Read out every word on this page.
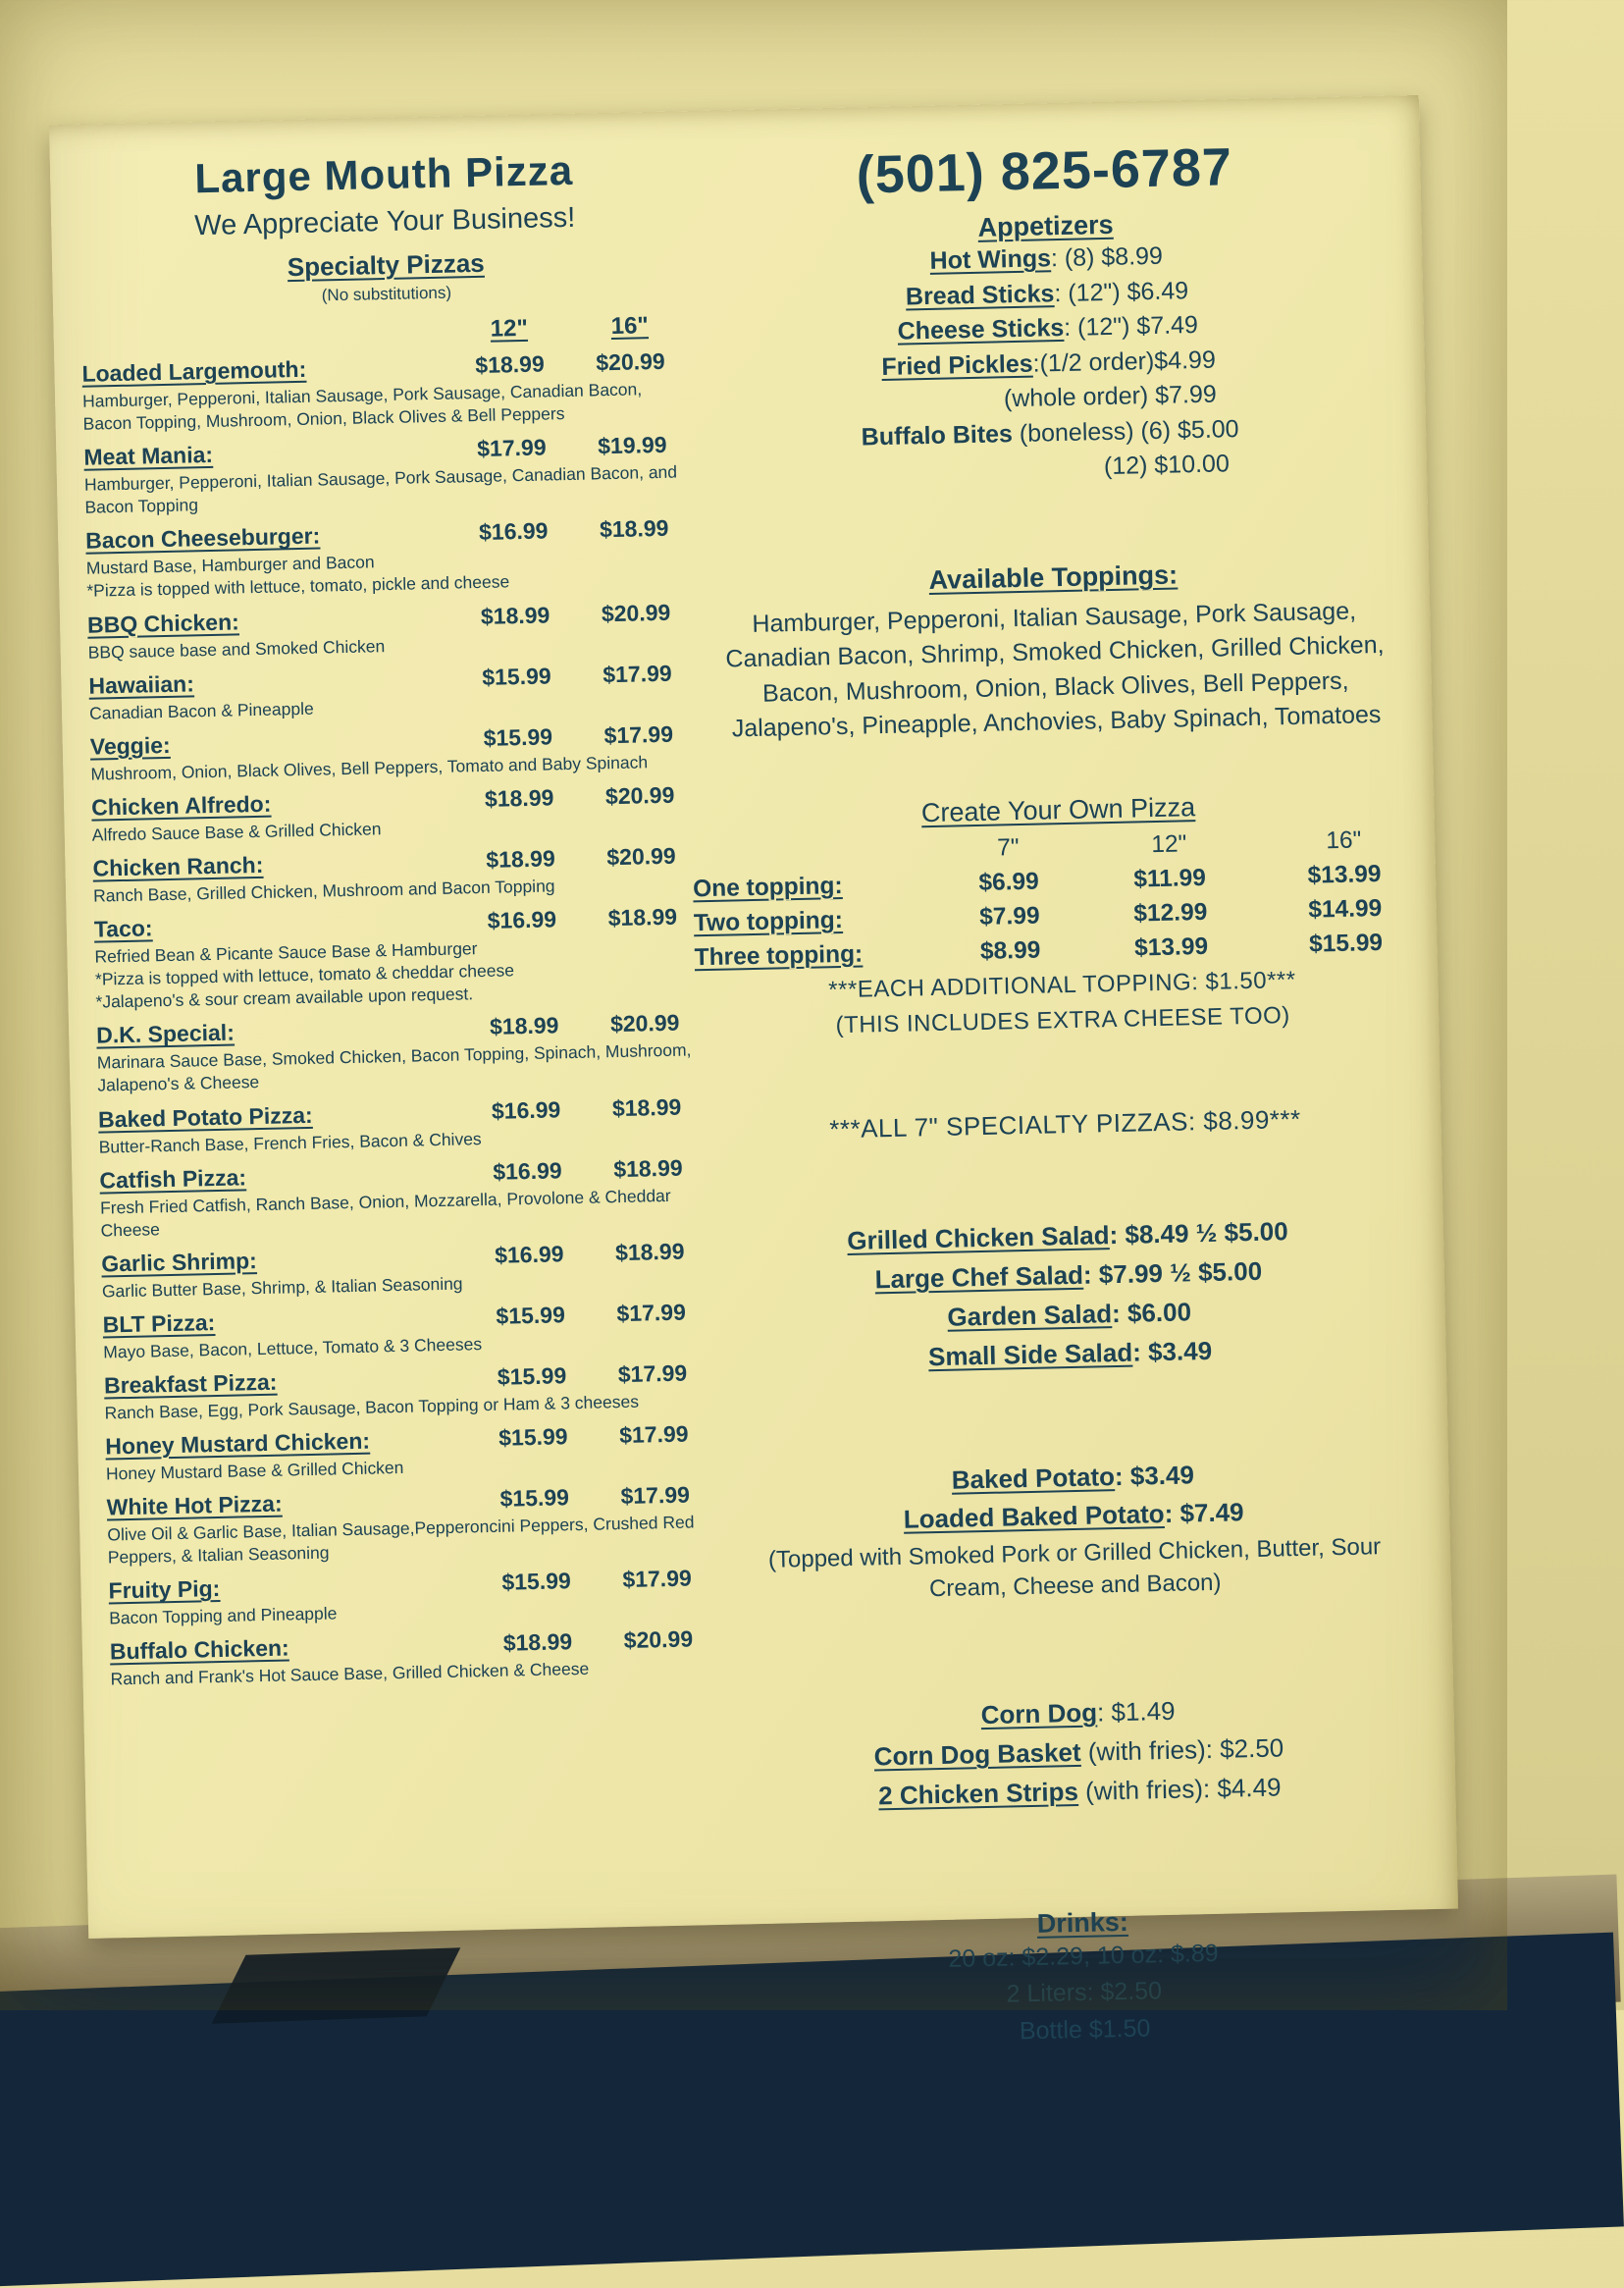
Large Mouth Pizza
We Appreciate Your Business!
Specialty Pizzas
(No substitutions)
12"	16"
Loaded Largemouth:	$18.99	$20.99
Hamburger, Pepperoni, Italian Sausage, Pork Sausage, Canadian Bacon, Bacon Topping, Mushroom, Onion, Black Olives & Bell Peppers
Meat Mania:	$17.99	$19.99
Hamburger, Pepperoni, Italian Sausage, Pork Sausage, Canadian Bacon, and Bacon Topping
Bacon Cheeseburger:	$16.99	$18.99
Mustard Base, Hamburger and Bacon
*Pizza is topped with lettuce, tomato, pickle and cheese
BBQ Chicken:	$18.99	$20.99
BBQ sauce base and Smoked Chicken
Hawaiian:	$15.99	$17.99
Canadian Bacon & Pineapple
Veggie:	$15.99	$17.99
Mushroom, Onion, Black Olives, Bell Peppers, Tomato and Baby Spinach
Chicken Alfredo:	$18.99	$20.99
Alfredo Sauce Base & Grilled Chicken
Chicken Ranch:	$18.99	$20.99
Ranch Base, Grilled Chicken, Mushroom and Bacon Topping
Taco:	$16.99	$18.99
Refried Bean & Picante Sauce Base & Hamburger
*Pizza is topped with lettuce, tomato & cheddar cheese
*Jalapeno's & sour cream available upon request.
D.K. Special:	$18.99	$20.99
Marinara Sauce Base, Smoked Chicken, Bacon Topping, Spinach, Mushroom, Jalapeno's & Cheese
Baked Potato Pizza:	$16.99	$18.99
Butter-Ranch Base, French Fries, Bacon & Chives
Catfish Pizza:	$16.99	$18.99
Fresh Fried Catfish, Ranch Base, Onion, Mozzarella, Provolone & Cheddar Cheese
Garlic Shrimp:	$16.99	$18.99
Garlic Butter Base, Shrimp, & Italian Seasoning
BLT Pizza:	$15.99	$17.99
Mayo Base, Bacon, Lettuce, Tomato & 3 Cheeses
Breakfast Pizza:	$15.99	$17.99
Ranch Base, Egg, Pork Sausage, Bacon Topping or Ham & 3 cheeses
Honey Mustard Chicken:	$15.99	$17.99
Honey Mustard Base & Grilled Chicken
White Hot Pizza:	$15.99	$17.99
Olive Oil & Garlic Base, Italian Sausage,Pepperoncini Peppers, Crushed Red Peppers, & Italian Seasoning
Fruity Pig:	$15.99	$17.99
Bacon Topping and Pineapple
Buffalo Chicken:	$18.99	$20.99
Ranch and Frank's Hot Sauce Base, Grilled Chicken & Cheese
(501) 825-6787
Appetizers
Hot Wings: (8) $8.99
Bread Sticks: (12") $6.49
Cheese Sticks: (12") $7.49
Fried Pickles:(1/2 order)$4.99
(whole order) $7.99
Buffalo Bites (boneless) (6) $5.00
(12) $10.00
Available Toppings:
Hamburger, Pepperoni, Italian Sausage, Pork Sausage, Canadian Bacon, Shrimp, Smoked Chicken, Grilled Chicken, Bacon, Mushroom, Onion, Black Olives, Bell Peppers, Jalapeno's, Pineapple, Anchovies, Baby Spinach, Tomatoes
Create Your Own Pizza
7"	12"	16"
One topping:	$6.99	$11.99	$13.99
Two topping:	$7.99	$12.99	$14.99
Three topping:	$8.99	$13.99	$15.99
***EACH ADDITIONAL TOPPING: $1.50***
(THIS INCLUDES EXTRA CHEESE TOO)
***ALL 7" SPECIALTY PIZZAS: $8.99***
Grilled Chicken Salad: $8.49 ½ $5.00
Large Chef Salad: $7.99 ½ $5.00
Garden Salad: $6.00
Small Side Salad: $3.49
Baked Potato: $3.49
Loaded Baked Potato: $7.49
(Topped with Smoked Pork or Grilled Chicken, Butter, Sour Cream, Cheese and Bacon)
Corn Dog: $1.49
Corn Dog Basket (with fries): $2.50
2 Chicken Strips (with fries): $4.49
Drinks:
20 oz: $2.29, 10 oz: $.89
2 Liters: $2.50
Bottle $1.50
